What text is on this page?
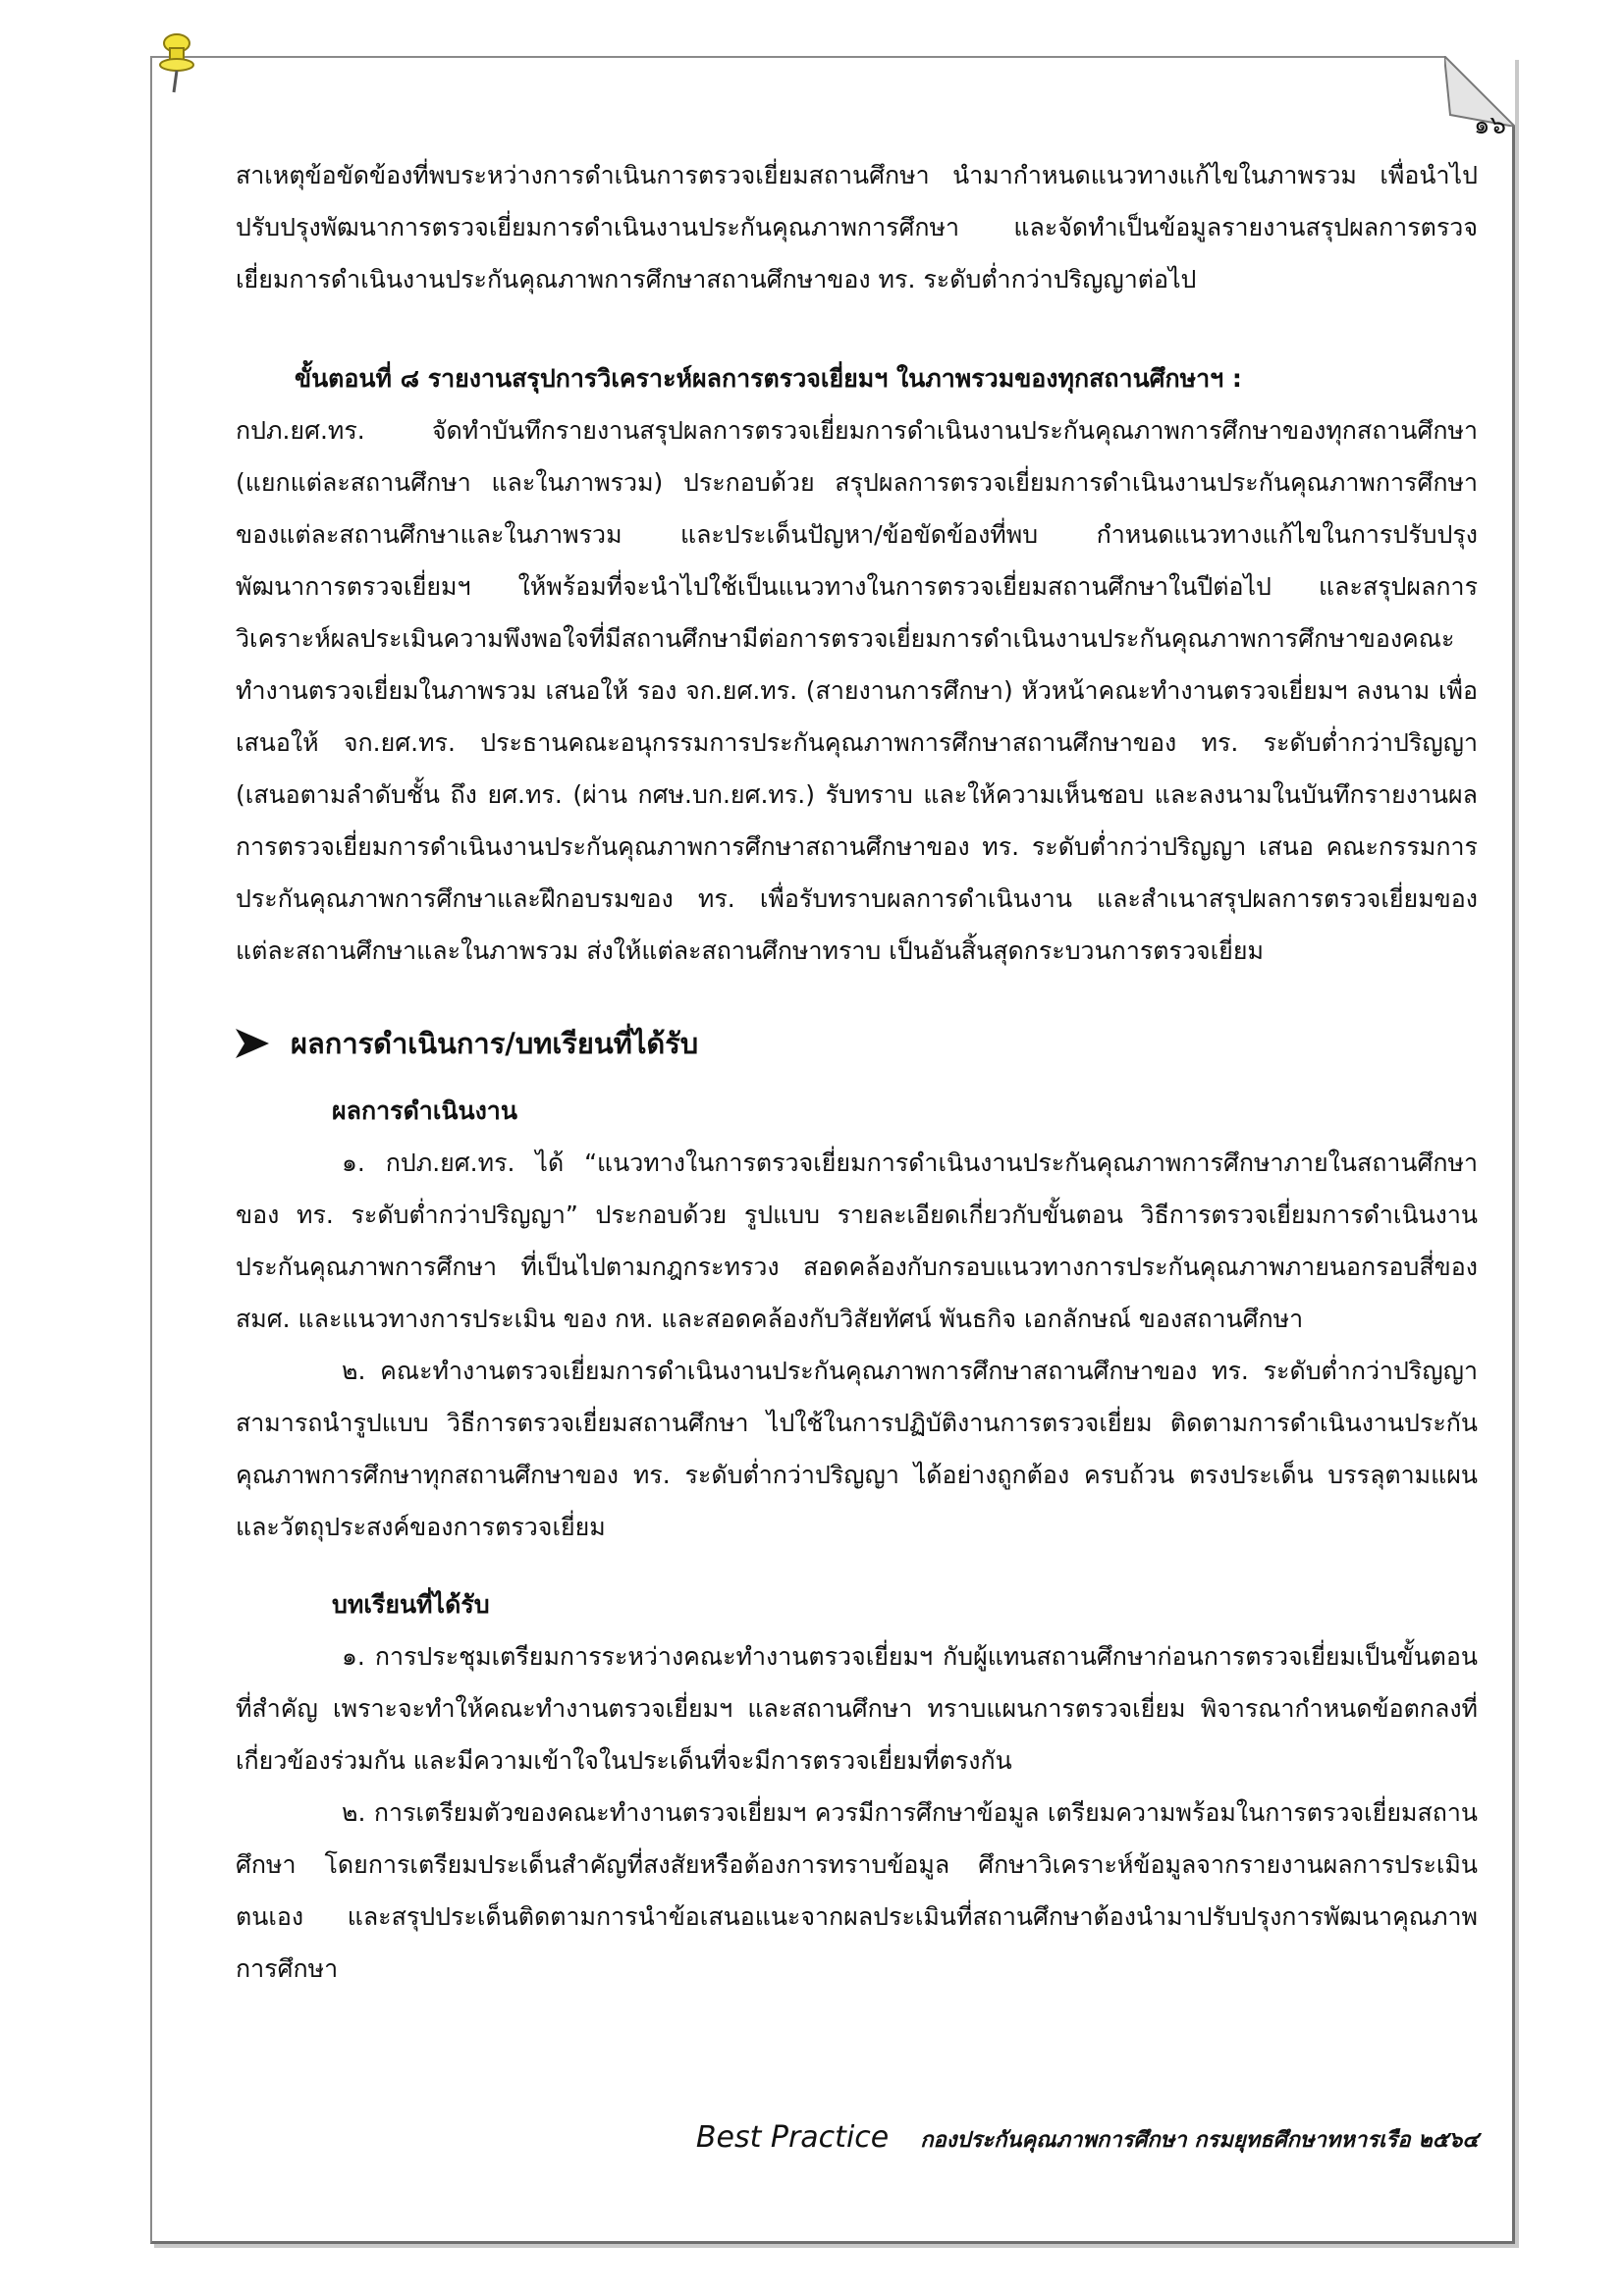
๑๖

สาเหตุข้อขัดข้องที่พบระหว่างการดำเนินการตรวจเยี่ยมสถานศึกษา นำมากำหนดแนวทางแก้ไขในภาพรวม เพื่อนำไปปรับปรุงพัฒนาการตรวจเยี่ยมการดำเนินงานประกันคุณภาพการศึกษา และจัดทำเป็นข้อมูลรายงานสรุปผลการตรวจเยี่ยมการดำเนินงานประกันคุณภาพการศึกษาสถานศึกษาของ ทร. ระดับต่ำกว่าปริญญาต่อไป

ขั้นตอนที่ ๘ รายงานสรุปการวิเคราะห์ผลการตรวจเยี่ยมฯ ในภาพรวมของทุกสถานศึกษาฯ :

กปภ.ยศ.ทร. จัดทำบันทึกรายงานสรุปผลการตรวจเยี่ยมการดำเนินงานประกันคุณภาพการศึกษาของทุกสถานศึกษา (แยกแต่ละสถานศึกษา และในภาพรวม) ประกอบด้วย สรุปผลการตรวจเยี่ยมการดำเนินงานประกันคุณภาพการศึกษาของแต่ละสถานศึกษาและในภาพรวม และประเด็นปัญหา/ข้อขัดข้องที่พบ กำหนดแนวทางแก้ไขในการปรับปรุงพัฒนาการตรวจเยี่ยมฯ ให้พร้อมที่จะนำไปใช้เป็นแนวทางในการตรวจเยี่ยมสถานศึกษาในปีต่อไป และสรุปผลการวิเคราะห์ผลประเมินความพึงพอใจที่มีสถานศึกษามีต่อการตรวจเยี่ยมการดำเนินงานประกันคุณภาพการศึกษาของคณะทำงานตรวจเยี่ยมในภาพรวม เสนอให้ รอง จก.ยศ.ทร. (สายงานการศึกษา) หัวหน้าคณะทำงานตรวจเยี่ยมฯ ลงนาม เพื่อเสนอให้ จก.ยศ.ทร. ประธานคณะอนุกรรมการประกันคุณภาพการศึกษาสถานศึกษาของ ทร. ระดับต่ำกว่าปริญญา (เสนอตามลำดับชั้น ถึง ยศ.ทร. (ผ่าน กศษ.บก.ยศ.ทร.) รับทราบ และให้ความเห็นชอบ และลงนามในบันทึกรายงานผลการตรวจเยี่ยมการดำเนินงานประกันคุณภาพการศึกษาสถานศึกษาของ ทร. ระดับต่ำกว่าปริญญา เสนอ คณะกรรมการประกันคุณภาพการศึกษาและฝึกอบรมของ ทร. เพื่อรับทราบผลการดำเนินงาน และสำเนาสรุปผลการตรวจเยี่ยมของแต่ละสถานศึกษาและในภาพรวม ส่งให้แต่ละสถานศึกษาทราบ เป็นอันสิ้นสุดกระบวนการตรวจเยี่ยม

ผลการดำเนินการ/บทเรียนที่ได้รับ

ผลการดำเนินงาน

๑. กปภ.ยศ.ทร. ได้ “แนวทางในการตรวจเยี่ยมการดำเนินงานประกันคุณภาพการศึกษาภายในสถานศึกษาของ ทร. ระดับต่ำกว่าปริญญา” ประกอบด้วย รูปแบบ รายละเอียดเกี่ยวกับขั้นตอน วิธีการตรวจเยี่ยมการดำเนินงานประกันคุณภาพการศึกษา ที่เป็นไปตามกฎกระทรวง สอดคล้องกับกรอบแนวทางการประกันคุณภาพภายนอกรอบสี่ของ สมศ. และแนวทางการประเมิน ของ กห. และสอดคล้องกับวิสัยทัศน์ พันธกิจ เอกลักษณ์ ของสถานศึกษา

๒. คณะทำงานตรวจเยี่ยมการดำเนินงานประกันคุณภาพการศึกษาสถานศึกษาของ ทร. ระดับต่ำกว่าปริญญา สามารถนำรูปแบบ วิธีการตรวจเยี่ยมสถานศึกษา ไปใช้ในการปฏิบัติงานการตรวจเยี่ยม ติดตามการดำเนินงานประกันคุณภาพการศึกษาทุกสถานศึกษาของ ทร. ระดับต่ำกว่าปริญญา ได้อย่างถูกต้อง ครบถ้วน ตรงประเด็น บรรลุตามแผนและวัตถุประสงค์ของการตรวจเยี่ยม

บทเรียนที่ได้รับ

๑. การประชุมเตรียมการระหว่างคณะทำงานตรวจเยี่ยมฯ กับผู้แทนสถานศึกษาก่อนการตรวจเยี่ยมเป็นขั้นตอนที่สำคัญ เพราะจะทำให้คณะทำงานตรวจเยี่ยมฯ และสถานศึกษา ทราบแผนการตรวจเยี่ยม พิจารณากำหนดข้อตกลงที่เกี่ยวข้องร่วมกัน และมีความเข้าใจในประเด็นที่จะมีการตรวจเยี่ยมที่ตรงกัน

๒. การเตรียมตัวของคณะทำงานตรวจเยี่ยมฯ ควรมีการศึกษาข้อมูล เตรียมความพร้อมในการตรวจเยี่ยมสถานศึกษา โดยการเตรียมประเด็นสำคัญที่สงสัยหรือต้องการทราบข้อมูล ศึกษาวิเคราะห์ข้อมูลจากรายงานผลการประเมินตนเอง และสรุปประเด็นติดตามการนำข้อเสนอแนะจากผลประเมินที่สถานศึกษาต้องนำมาปรับปรุงการพัฒนาคุณภาพการศึกษา

Best Practice กองประกันคุณภาพการศึกษา กรมยุทธศึกษาทหารเรือ ๒๕๖๔
